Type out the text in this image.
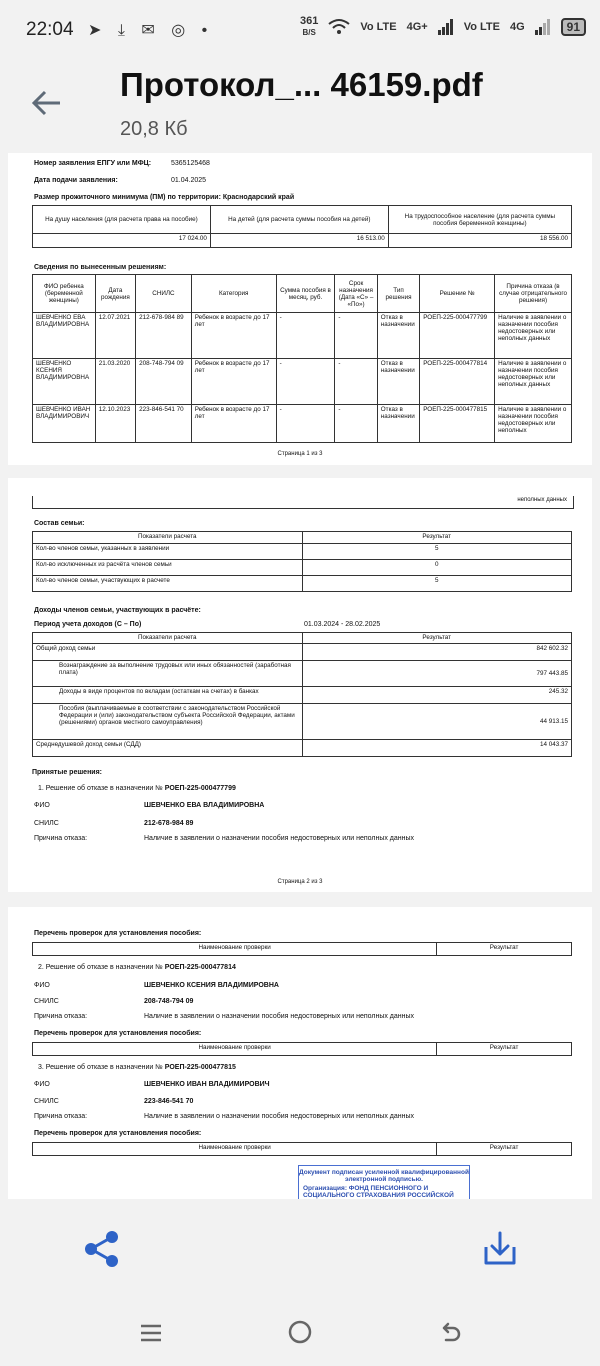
22:04 ➤ ⤓ ✉ ◎ •
361
B/S	Vo LTE 4G+	Vo LTE 4G	91
Протокол_... 46159.pdf
20,8 Кб
Номер заявления ЕПГУ или МФЦ:	5365125468
Дата подачи заявления:	01.04.2025
Размер прожиточного минимума (ПМ) по территории: Краснодарский край
На душу населения (для расчета права на пособие)	На детей (для расчета суммы пособия на детей)	На трудоспособное население (для расчета суммы пособия беременной женщины)
17 024.00	16 513.00	18 556.00
Сведения по вынесенным решениям:
ФИО ребенка (беременной женщины)	Дата рождения	СНИЛС	Категория	Сумма пособия в месяц, руб.	Срок назначения (Дата «С» – «По»)	Тип решения	Решение №	Причина отказа (в случае отрицательного решения)
ШЕВЧЕНКО ЕВА ВЛАДИМИРОВНА	12.07.2021	212-678-984 89	Ребенок в возрасте до 17 лет	-	-	Отказ в назначении	РОЕП-225-000477799	Наличие в заявлении о назначении пособия недостоверных или неполных данных
ШЕВЧЕНКО КСЕНИЯ ВЛАДИМИРОВНА	21.03.2020	208-748-794 09	Ребенок в возрасте до 17 лет	-	-	Отказ в назначении	РОЕП-225-000477814	Наличие в заявлении о назначении пособия недостоверных или неполных данных
ШЕВЧЕНКО ИВАН ВЛАДИМИРОВИЧ	12.10.2023	223-846-541 70	Ребенок в возрасте до 17 лет	-	-	Отказ в назначении	РОЕП-225-000477815	Наличие в заявлении о назначении пособия недостоверных или неполных
Страница 1 из 3
неполных данных
Состав семьи:
Показатели расчета	Результат
Кол-во членов семьи, указанных в заявлении	5
Кол-во исключенных из расчёта членов семьи	0
Кол-во членов семьи, участвующих в расчете	5
Доходы членов семьи, участвующих в расчёте:
Период учета доходов (С – По)	01.03.2024 - 28.02.2025
Показатели расчета	Результат
Общий доход семьи	842 602.32
Вознаграждение за выполнение трудовых или иных обязанностей (заработная плата)	797 443.85
Доходы в виде процентов по вкладам (остаткам на счетах) в банках	245.32
Пособия (выплачиваемые в соответствии с законодательством Российской Федерации и (или) законодательством субъекта Российской Федерации, актами (решениями) органов местного самоуправления)	44 913.15
Среднедушевой доход семьи (СДД)	14 043.37
Принятые решения:
1. Решение об отказе в назначении № РОЕП-225-000477799
ФИО	ШЕВЧЕНКО ЕВА ВЛАДИМИРОВНА
СНИЛС	212-678-984 89
Причина отказа:	Наличие в заявлении о назначении пособия недостоверных или неполных данных
Страница 2 из 3
Перечень проверок для установления пособия:
Наименование проверки	Результат
2. Решение об отказе в назначении № РОЕП-225-000477814
ФИО	ШЕВЧЕНКО КСЕНИЯ ВЛАДИМИРОВНА
СНИЛС	208-748-794 09
Причина отказа:	Наличие в заявлении о назначении пособия недостоверных или неполных данных
Перечень проверок для установления пособия:
Наименование проверки	Результат
3. Решение об отказе в назначении № РОЕП-225-000477815
ФИО	ШЕВЧЕНКО ИВАН ВЛАДИМИРОВИЧ
СНИЛС	223-846-541 70
Причина отказа:	Наличие в заявлении о назначении пособия недостоверных или неполных данных
Перечень проверок для установления пособия:
Наименование проверки	Результат
Документ подписан усиленной квалифицированной электронной подписью.
Организация: ФОНД ПЕНСИОННОГО И СОЦИАЛЬНОГО СТРАХОВАНИЯ РОССИЙСКОЙ
